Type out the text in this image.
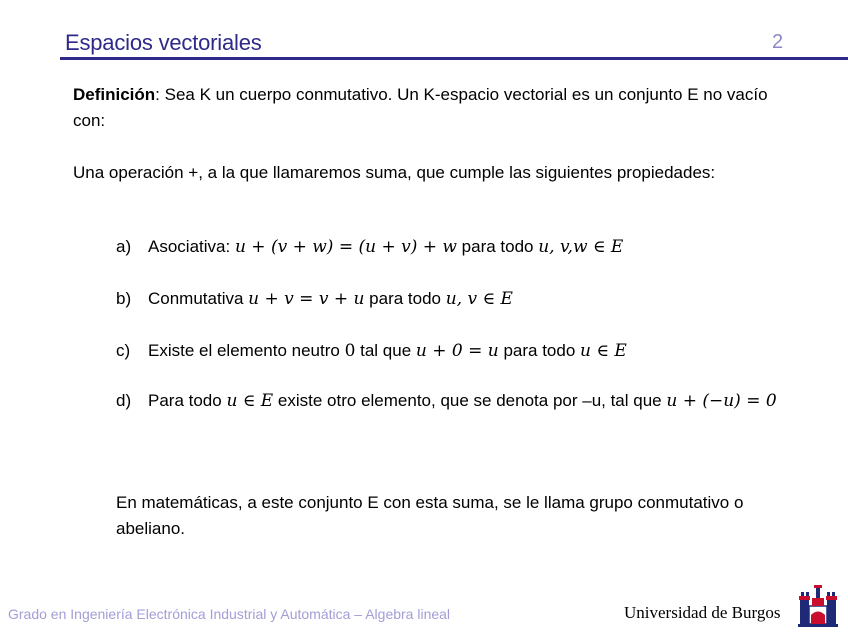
Espacios vectoriales	2

Definición: Sea K un cuerpo conmutativo. Un K-espacio vectorial es un conjunto E no vacío con:

Una operación +, a la que llamaremos suma, que cumple las siguientes propiedades:

a) Asociativa: u + (v + w) = (u + v) + w para todo u, v,w ∈ E
b) Conmutativa u + v = v + u para todo u, v ∈ E
c)	Existe el elemento neutro 0 tal que u + 0 = u para todo u ∈ E
d) Para todo u ∈ E existe otro elemento, que se denota por –u, tal que u + (−u) = 0
En matemáticas, a este conjunto E con esta suma, se le llama grupo conmutativo o abeliano.
Grado en Ingeniería Electrónica Industrial y Automática – Algebra lineal	Universidad de Burgos
